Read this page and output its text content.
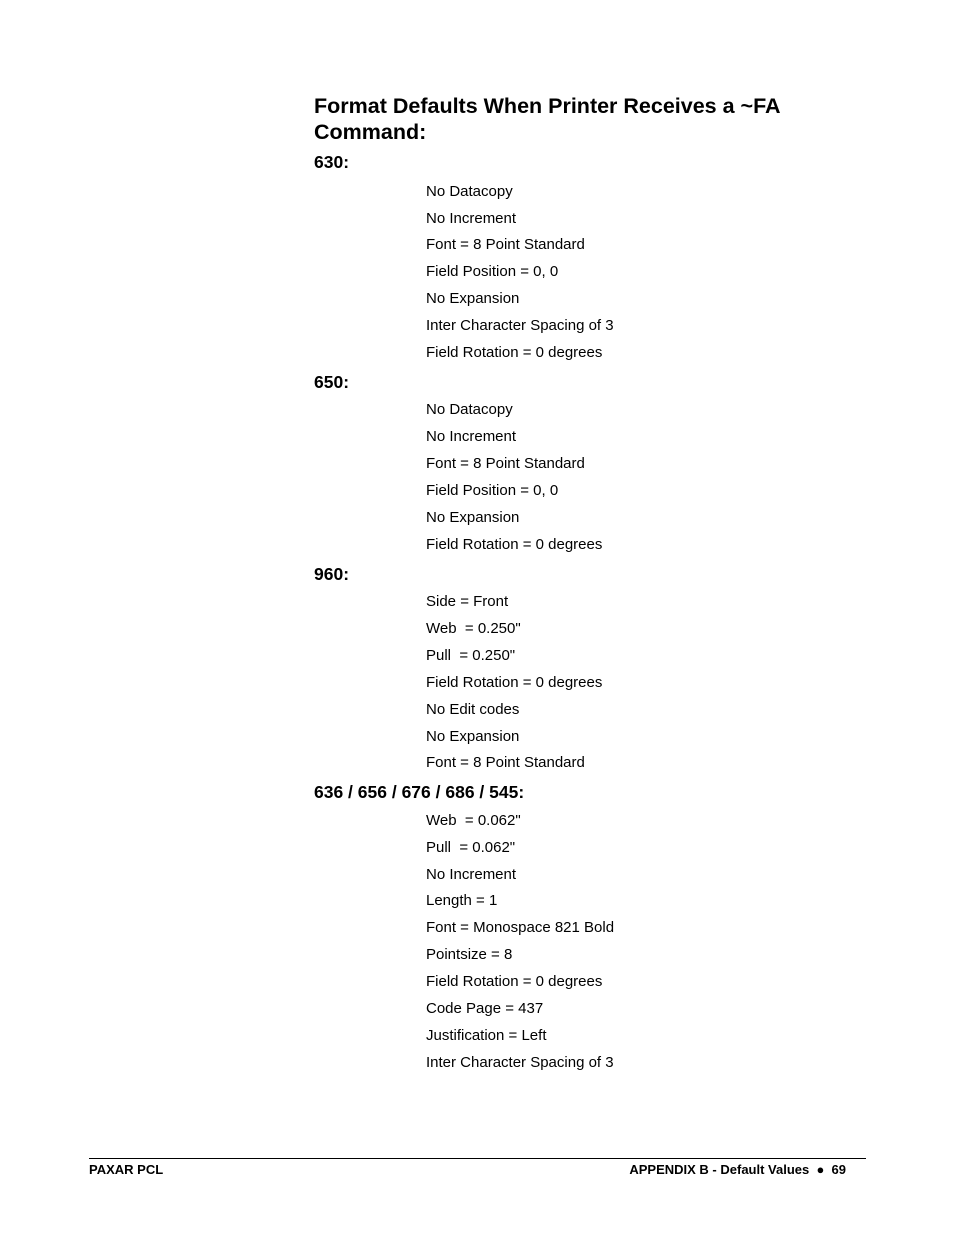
Format Defaults When Printer Receives a ~FA Command:
630:

No Datacopy

No Increment

Font = 8 Point Standard

Field Position = 0, 0

No Expansion

Inter Character Spacing of 3

Field Rotation = 0 degrees

650:

No Datacopy

No Increment

Font = 8 Point Standard

Field Position = 0, 0

No Expansion

Field Rotation = 0 degrees

960:

Side = Front

Web  = 0.250"

Pull  = 0.250"

Field Rotation = 0 degrees

No Edit codes

No Expansion

Font = 8 Point Standard

636 / 656 / 676 / 686 / 545:

Web  = 0.062"

Pull  = 0.062"

No Increment

Length = 1

Font = Monospace 821 Bold

Pointsize = 8

Field Rotation = 0 degrees

Code Page = 437

Justification = Left

Inter Character Spacing of 3

PAXAR PCL	APPENDIX B - Default Values  ●  69
